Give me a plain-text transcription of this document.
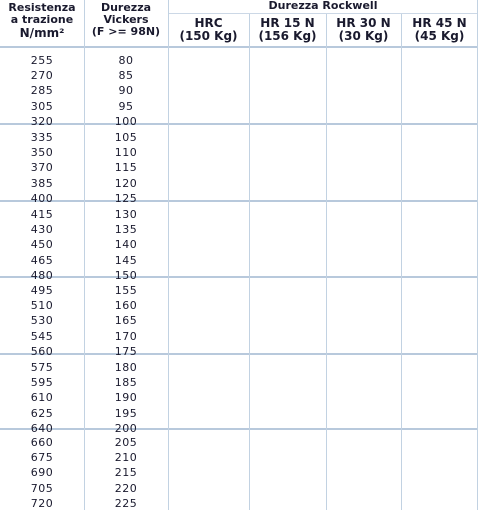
Resistenza
a trazione
N/mm²
Durezza
Vickers
(F >= 98N)
Durezza Rockwell
HRC
(150 Kg)
HR 15 N
(156 Kg)
HR 30 N
(30 Kg)
HR 45 N
(45 Kg)
255
270
285
305
320
80
85
90
95
100
335
350
370
385
400
105
110
115
120
125
415
430
450
465
480
130
135
140
145
150
495
510
530
545
560
155
160
165
170
175
575
595
610
625
640
180
185
190
195
200
660
675
690
705
720
205
210
215
220
225
